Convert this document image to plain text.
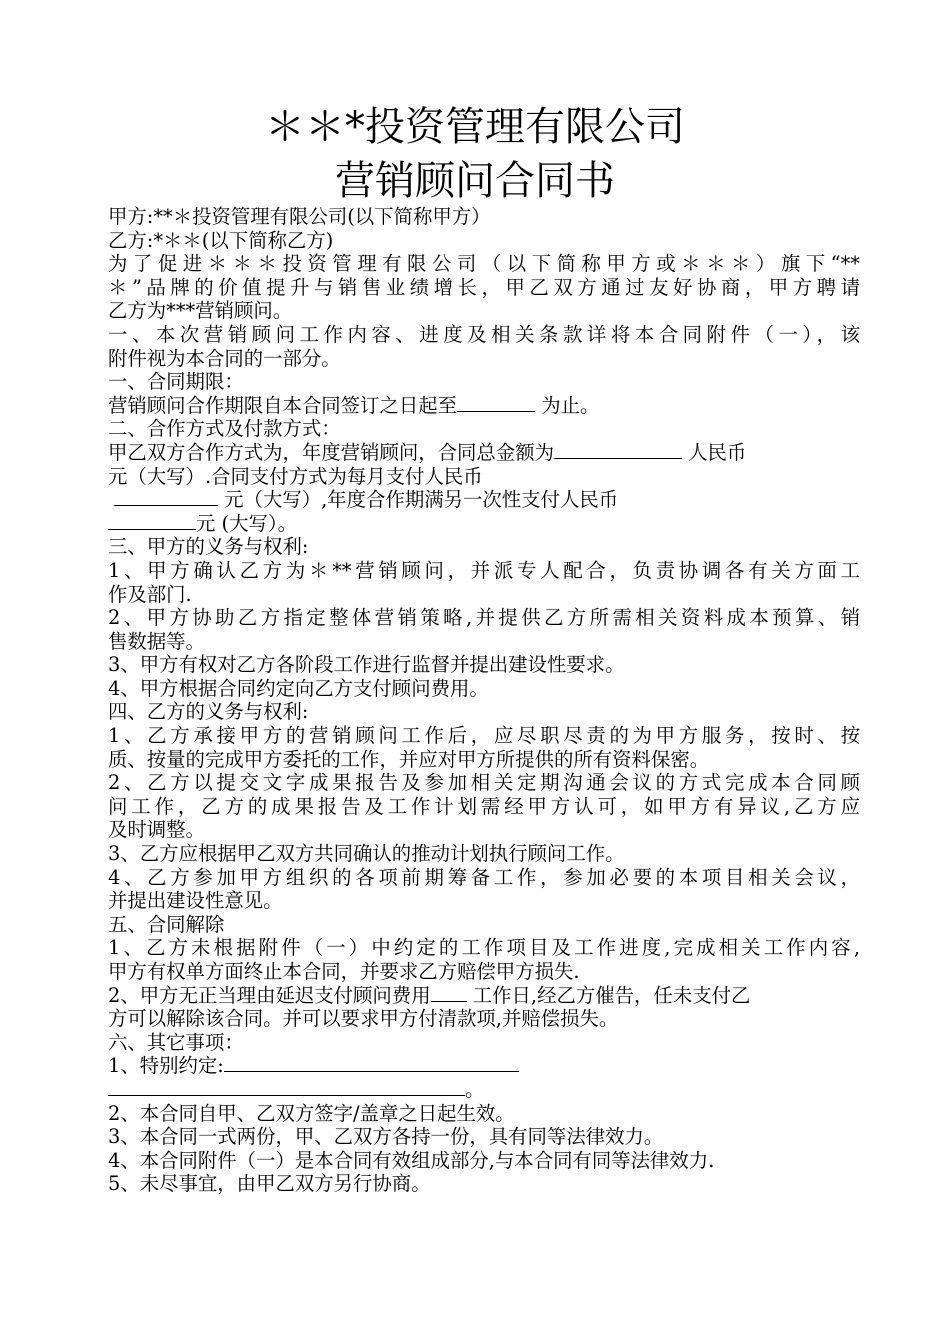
＊＊*投资管理有限公司
营销顾问合同书
甲方:**＊投资管理有限公司(以下简称甲方）
乙方:*＊＊(以下简称乙方)
为了促进＊＊＊投资管理有限公司（以下简称甲方或＊＊＊）旗下“**
＊”品牌的价值提升与销售业绩增长，甲乙双方通过友好协商，甲方聘请
乙方为***营销顾问。
一、本次营销顾问工作内容、进度及相关条款详将本合同附件（一），该
附件视为本合同的一部分。
一、合同期限：
营销顾问合作期限自本合同签订之日起至	为止。
二、合作方式及付款方式：
甲乙双方合作方式为，年度营销顾问，合同总金额为	人民币
元（大写）.合同支付方式为每月支付人民币
元（大写）,年度合作期满另一次性支付人民币
元 (大写）。
三、甲方的义务与权利:
1、甲方确认乙方为＊**营销顾问，并派专人配合，负责协调各有关方面工
作及部门.
2、甲方协助乙方指定整体营销策略,并提供乙方所需相关资料成本预算、销
售数据等。
3、甲方有权对乙方各阶段工作进行监督并提出建设性要求。
4、甲方根据合同约定向乙方支付顾问费用。
四、乙方的义务与权利:
1、乙方承接甲方的营销顾问工作后，应尽职尽责的为甲方服务，按时、按
质、按量的完成甲方委托的工作，并应对甲方所提供的所有资料保密。
2、乙方以提交文字成果报告及参加相关定期沟通会议的方式完成本合同顾
问工作，乙方的成果报告及工作计划需经甲方认可，如甲方有异议,乙方应
及时调整。
3、乙方应根据甲乙双方共同确认的推动计划执行顾问工作。
4、乙方参加甲方组织的各项前期筹备工作，参加必要的本项目相关会议，
并提出建设性意见。
五、合同解除
1、乙方未根据附件（一）中约定的工作项目及工作进度,完成相关工作内容,
甲方有权单方面终止本合同，并要求乙方赔偿甲方损失.
2、甲方无正当理由延迟支付顾问费用 工作日,经乙方催告，任未支付乙
方可以解除该合同。并可以要求甲方付清款项,并赔偿损失。
六、其它事项：
1、特别约定:
。
2、本合同自甲、乙双方签字/盖章之日起生效。
3、本合同一式两份，甲、乙双方各持一份，具有同等法律效力。
4、本合同附件（一）是本合同有效组成部分,与本合同有同等法律效力.
5、未尽事宜，由甲乙双方另行协商。
